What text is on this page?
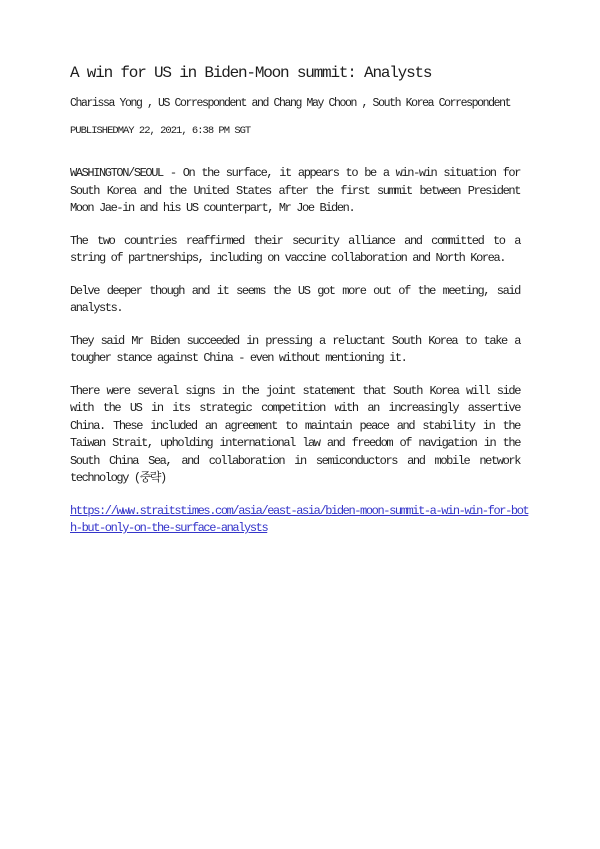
A win for US in Biden-Moon summit: Analysts
Charissa Yong , US Correspondent and Chang May Choon , South Korea Correspondent
PUBLISHEDMAY 22, 2021, 6:38 PM SGT

WASHINGTON/SEOUL - On the surface, it appears to be a win-win situation for South Korea and the United States after the first summit between President Moon Jae-in and his US counterpart, Mr Joe Biden.

The two countries reaffirmed their security alliance and committed to a string of partnerships, including on vaccine collaboration and North Korea.

Delve deeper though and it seems the US got more out of the meeting, said analysts.

They said Mr Biden succeeded in pressing a reluctant South Korea to take a tougher stance against China - even without mentioning it.

There were several signs in the joint statement that South Korea will side with the US in its strategic competition with an increasingly assertive China. These included an agreement to maintain peace and stability in the Taiwan Strait, upholding international law and freedom of navigation in the South China Sea, and collaboration in semiconductors and mobile network technology (중략)

https://www.straitstimes.com/asia/east-asia/biden-moon-summit-a-win-win-for-both-but-only-on-the-surface-analysts
